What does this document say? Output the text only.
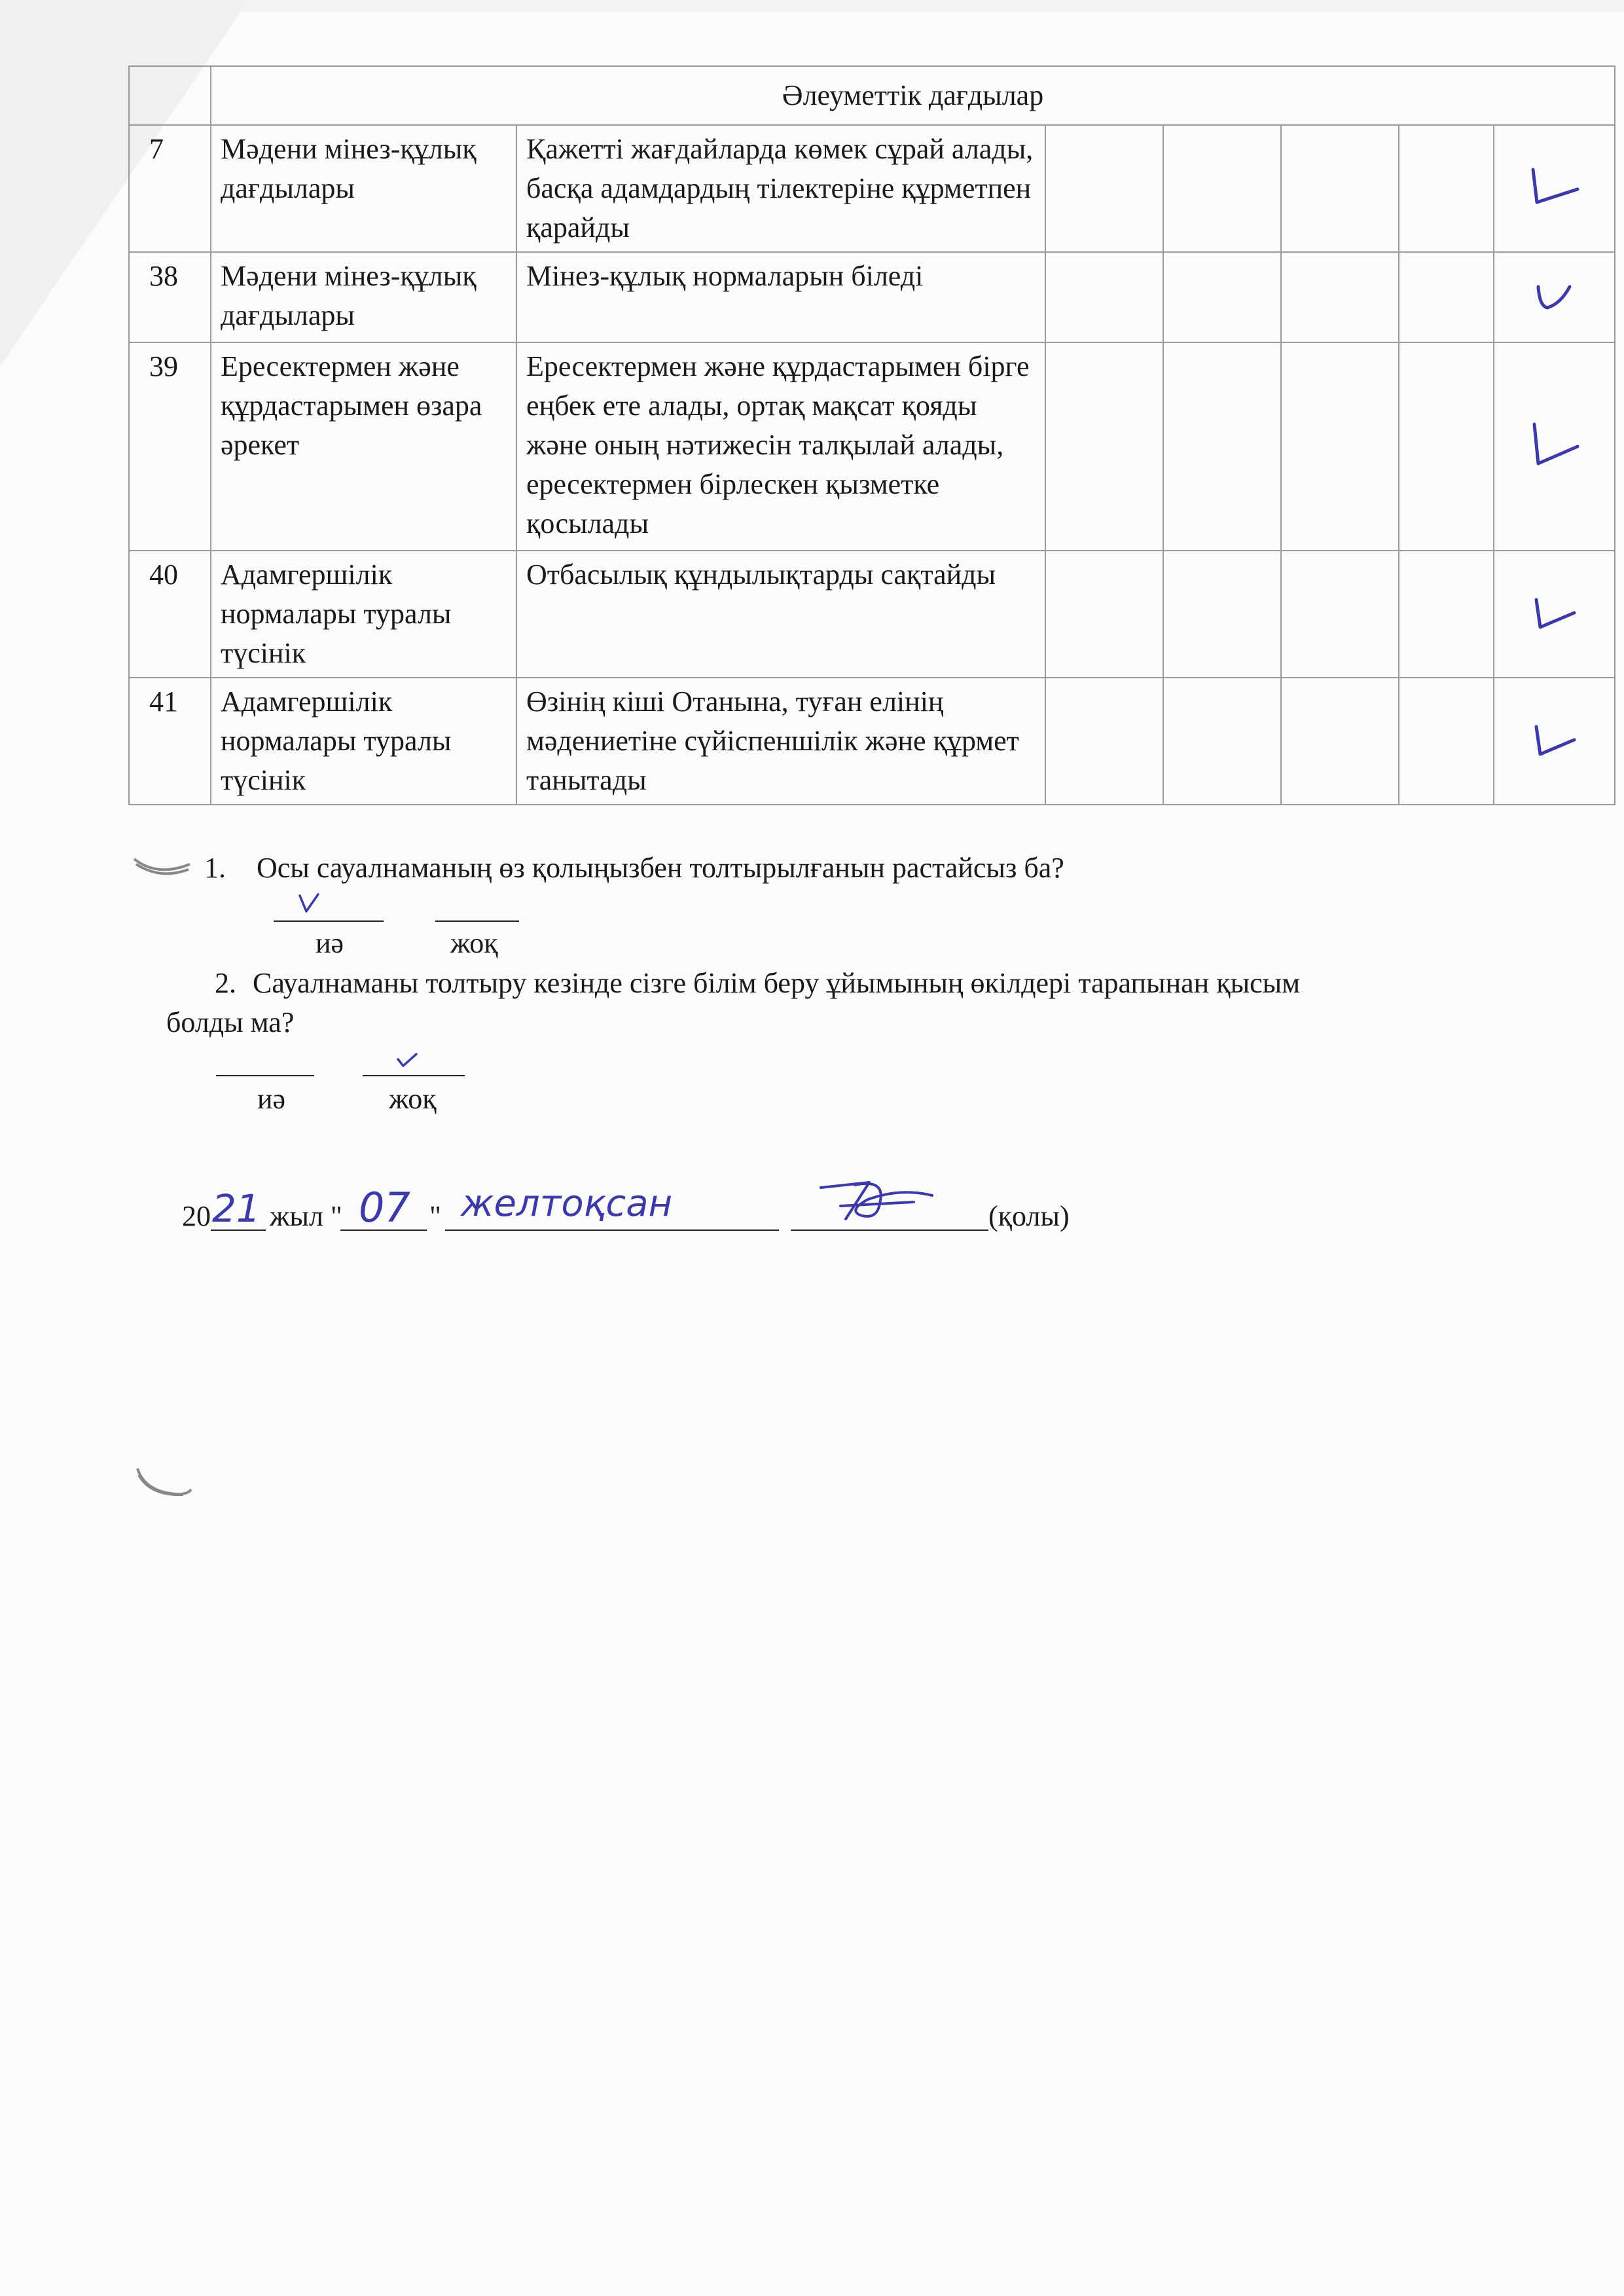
	Әлеуметтік дағдылар						
7	Мәдени мінез-құлық дағдылары	Қажетті жағдайларда көмек сұрай алады, басқа адамдардың тілектеріне құрметпен қарайды					

38	Мәдени мінез-құлық дағдылары	Мінез-құлық нормаларын біледі					

39	Ересектермен және құрдастарымен өзара әрекет	Ересектермен және құрдастарымен бірге еңбек ете алады, ортақ мақсат қояды және оның нәтижесін талқылай алады, ересектермен бірлескен қызметке қосылады					

40	Адамгершілік нормалары туралы түсінік	Отбасылық құндылықтарды сақтайды					

41	Адамгершілік нормалары туралы түсінік	Өзінің кіші Отанына, туған елінің мәдениетіне сүйіспеншілік және құрмет танытады					
1. Осы сауалнаманың өз қолыңызбен толтырылғанын растайсыз ба?
иә	жоқ
2. Сауалнаманы толтыру кезінде сізге білім беру ұйымының өкілдері тарапынан қысым
болды ма?
иә	жоқ
20 21 жыл " 07 " желтоқсан	(қолы)
